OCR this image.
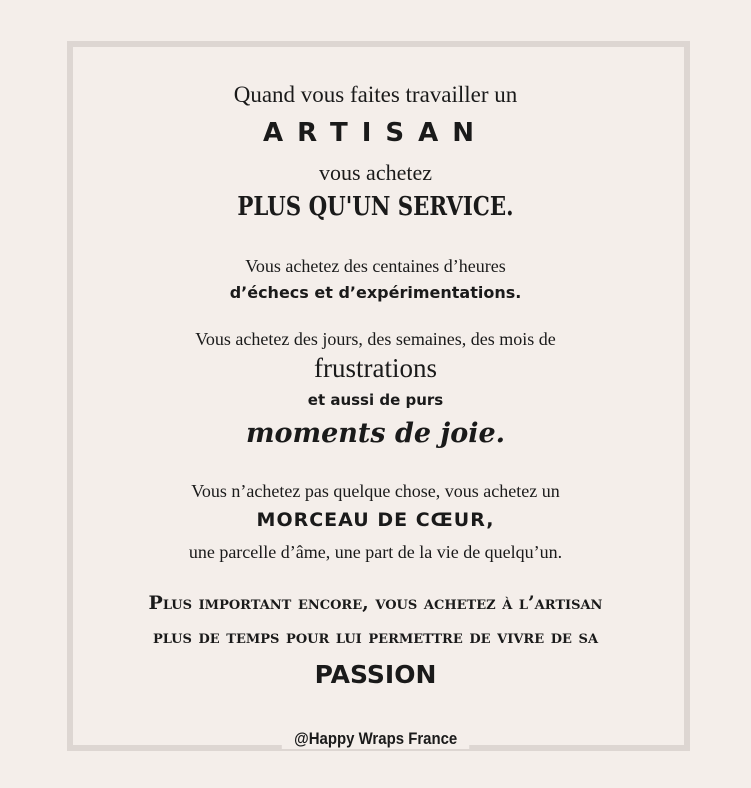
Quand vous faites travailler un
ARTISAN
vous achetez
PLUS QU'UN SERVICE.
Vous achetez des centaines d’heures
d’échecs et d’expérimentations.
Vous achetez des jours, des semaines, des mois de
frustrations
et aussi de purs
moments de joie.
Vous n’achetez pas quelque chose, vous achetez un
MORCEAU DE CŒUR,
une parcelle d’âme, une part de la vie de quelqu’un.
Plus important encore, vous achetez à l’artisan
plus de temps pour lui permettre de vivre de sa
PASSION
@Happy Wraps France
